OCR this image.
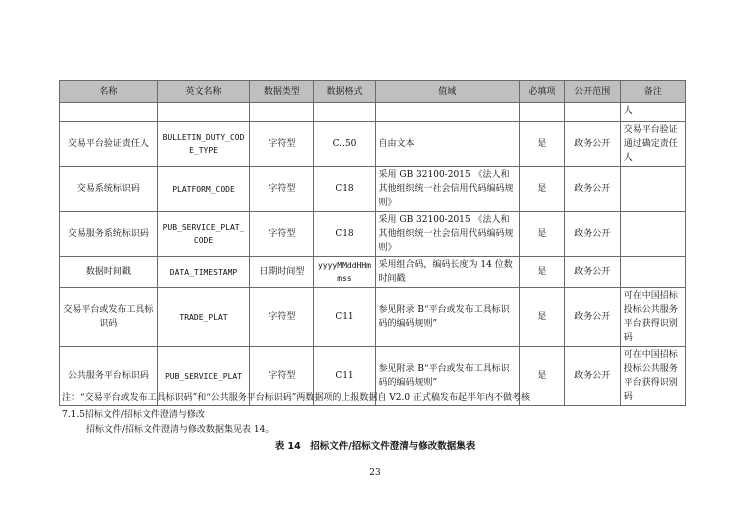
名称	英文名称	数据类型	数据格式	值域	必填项	公开范围	备注
							人
交易平台验证责任人	BULLETIN_DUTY_CODE_TYPE	字符型	C..50	自由文本	是	政务公开	交易平台验证通过确定责任人
交易系统标识码	PLATFORM_CODE	字符型	C18	采用 GB 32100-2015 《法人和其他组织统一社会信用代码编码规则》	是	政务公开	
交易服务系统标识码	PUB_SERVICE_PLAT_CODE	字符型	C18	采用 GB 32100-2015 《法人和其他组织统一社会信用代码编码规则》	是	政务公开	
数据时间戳	DATA_TIMESTAMP	日期时间型	yyyyMMddHHmmss	采用组合码，编码长度为 14 位数时间戳	是	政务公开	
交易平台或发布工具标识码	TRADE_PLAT	字符型	C11	参见附录 B“平台或发布工具标识码的编码规则”	是	政务公开	可在中国招标投标公共服务平台获得识别码
公共服务平台标识码	PUB_SERVICE_PLAT	字符型	C11	参见附录 B“平台或发布工具标识码的编码规则”	是	政务公开	可在中国招标投标公共服务平台获得识别码
注：“交易平台或发布工具标识码”和“公共服务平台标识码”两数据项的上报数据自 V2.0 正式稿发布起半年内不做考核
7.1.5招标文件/招标文件澄清与修改
招标文件/招标文件澄清与修改数据集见表 14。
表 14　招标文件/招标文件澄清与修改数据集表
23
